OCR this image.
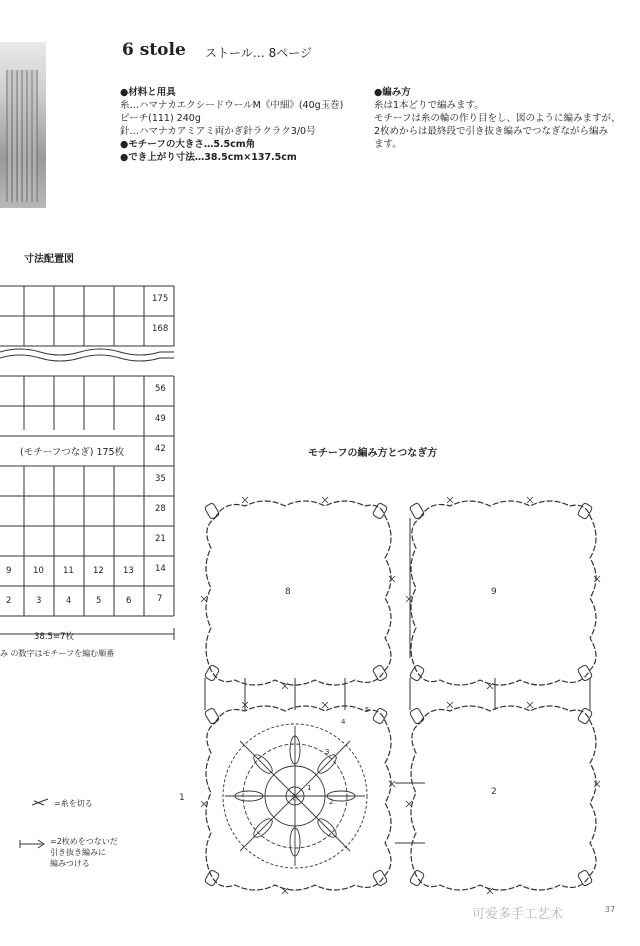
6 stole ストール… 8ページ
●材料と用具
糸…ハマナカエクシードウールM《中細》(40g玉巻)
ピーチ(111) 240g
針…ハマナカアミアミ両かぎ針ラクラク3/0号
●モチーフの大きさ…5.5cm角
●でき上がり寸法…38.5cm×137.5cm
●編み方
糸は1本どりで編みます。
モチーフは糸の輪の作り目をし、図のように編みますが、
2枚めからは最終段で引き抜き編みでつなぎながら編み
ます。
寸法配置図
175
168
56
49
42
35
28
21
14
7
(モチーフつなぎ) 175枚
9	10 11 12 13
2	3	4	5	6
38.5=7枚
み の数字はモチーフを編む順番
モチーフの編み方とつなぎ方
8	9
1
2
わ
1
2
3
4
5
=糸を切る
=2枚めをつないだ
引き抜き編みに
編みつける
可爱多手工艺术	37
